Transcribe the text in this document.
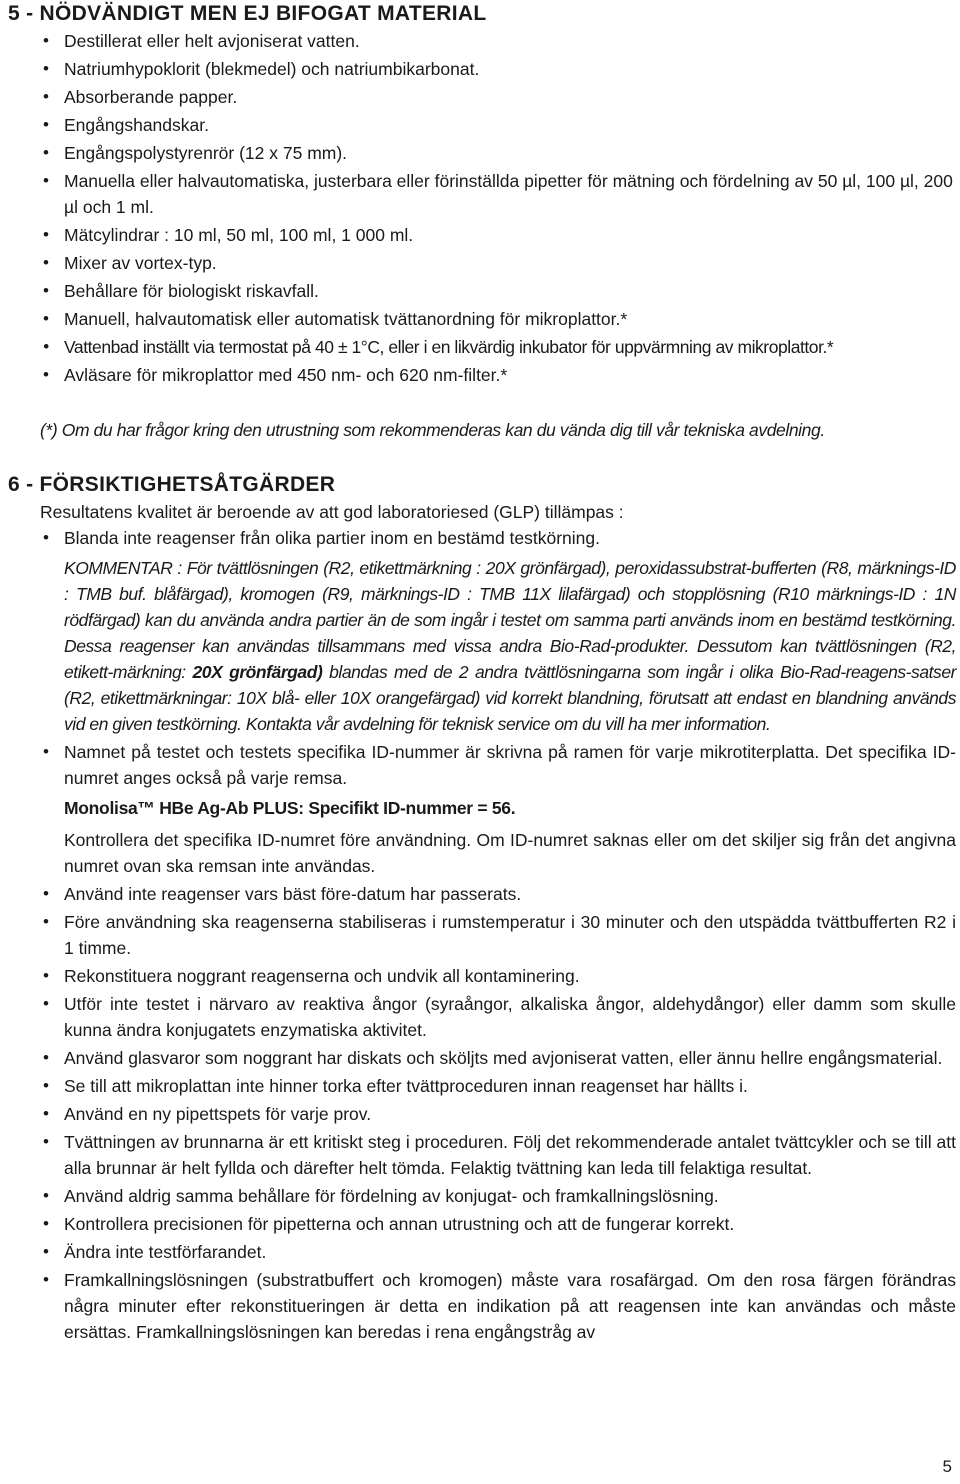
5 - NÖDVÄNDIGT MEN EJ BIFOGAT MATERIAL
• Destillerat eller helt avjoniserat vatten.
• Natriumhypoklorit (blekmedel) och natriumbikarbonat.
• Absorberande papper.
• Engångshandskar.
• Engångspolystyrenrör (12 x 75 mm).
• Manuella eller halvautomatiska, justerbara eller förinställda pipetter för mätning och fördelning av 50 µl, 100 µl, 200 µl och 1 ml.
• Mätcylindrar : 10 ml, 50 ml, 100 ml, 1 000 ml.
• Mixer av vortex-typ.
• Behållare för biologiskt riskavfall.
• Manuell, halvautomatisk eller automatisk tvättanordning för mikroplattor.*
• Vattenbad inställt via termostat på 40 ± 1°C, eller i en likvärdig inkubator för uppvärmning av mikroplattor.*
• Avläsare för mikroplattor med 450 nm- och 620 nm-filter.*
(*) Om du har frågor kring den utrustning som rekommenderas kan du vända dig till vår tekniska avdelning.
6 - FÖRSIKTIGHETSÅTGÄRDER
Resultatens kvalitet är beroende av att god laboratoriesed (GLP) tillämpas :
• Blanda inte reagenser från olika partier inom en bestämd testkörning.
KOMMENTAR : För tvättlösningen (R2, etikettmärkning : 20X grönfärgad), peroxidassubstrat-bufferten (R8, märknings-ID : TMB buf. blåfärgad), kromogen (R9, märknings-ID : TMB 11X lilafärgad) och stopplösning (R10 märknings-ID : 1N rödfärgad) kan du använda andra partier än de som ingår i testet om samma parti används inom en bestämd testkörning. Dessa reagenser kan användas tillsammans med vissa andra Bio-Rad-produkter. Dessutom kan tvättlösningen (R2, etikett-märkning: 20X grönfärgad) blandas med de 2 andra tvättlösningarna som ingår i olika Bio-Rad-reagens-satser (R2, etikettmärkningar: 10X blå- eller 10X orangefärgad) vid korrekt blandning, förutsatt att endast en blandning används vid en given testkörning. Kontakta vår avdelning för teknisk service om du vill ha mer information.
• Namnet på testet och testets specifika ID-nummer är skrivna på ramen för varje mikrotiterplatta. Det specifika ID-numret anges också på varje remsa.
Monolisa™ HBe Ag-Ab PLUS: Specifikt ID-nummer = 56.
Kontrollera det specifika ID-numret före användning. Om ID-numret saknas eller om det skiljer sig från det angivna numret ovan ska remsan inte användas.
• Använd inte reagenser vars bäst före-datum har passerats.
• Före användning ska reagenserna stabiliseras i rumstemperatur i 30 minuter och den utspädda tvättbufferten R2 i 1 timme.
• Rekonstituera noggrant reagenserna och undvik all kontaminering.
• Utför inte testet i närvaro av reaktiva ångor (syraångor, alkaliska ångor, aldehydångor) eller damm som skulle kunna ändra konjugatets enzymatiska aktivitet.
• Använd glasvaror som noggrant har diskats och sköljts med avjoniserat vatten, eller ännu hellre engångsmaterial.
• Se till att mikroplattan inte hinner torka efter tvättproceduren innan reagenset har hällts i.
• Använd en ny pipettspets för varje prov.
• Tvättningen av brunnarna är ett kritiskt steg i proceduren. Följ det rekommenderade antalet tvättcykler och se till att alla brunnar är helt fyllda och därefter helt tömda. Felaktig tvättning kan leda till felaktiga resultat.
• Använd aldrig samma behållare för fördelning av konjugat- och framkallningslösning.
• Kontrollera precisionen för pipetterna och annan utrustning och att de fungerar korrekt.
• Ändra inte testförfarandet.
• Framkallningslösningen (substratbuffert och kromogen) måste vara rosafärgad. Om den rosa färgen förändras några minuter efter rekonstitueringen är detta en indikation på att reagensen inte kan användas och måste ersättas. Framkallningslösningen kan beredas i rena engångstråg av
5
